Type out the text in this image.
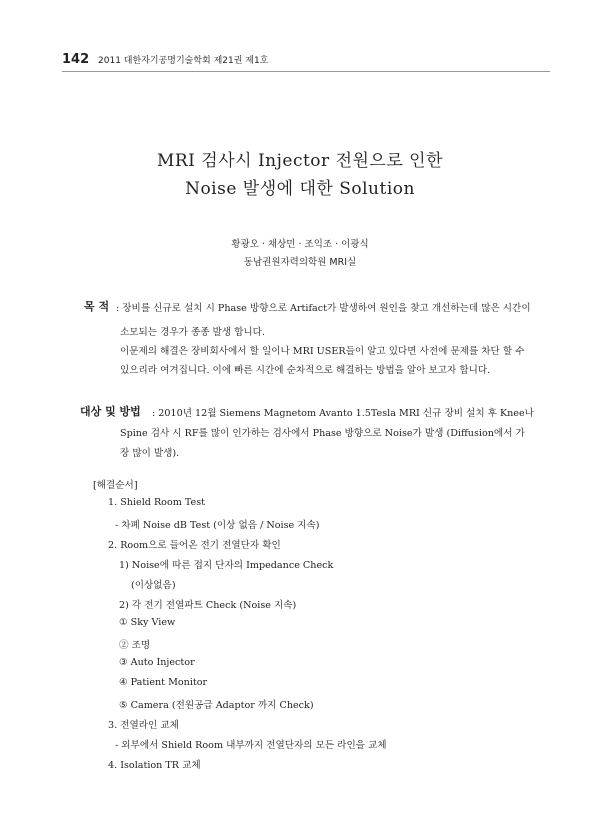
142 2011 대한자기공명기술학회 제21권 제1호
MRI 검사시 Injector 전원으로 인한
Noise 발생에 대한 Solution
황광오 · 채상민 · 조익조 · 이광식
동남권원자력의학원 MRI실
목 적 : 장비를 신규로 설치 시 Phase 방향으로 Artifact가 발생하여 원인을 찾고 개선하는데 많은 시간이
소모되는 경우가 종종 발생 합니다.
이문제의 해결은 장비회사에서 할 일이나 MRI USER들이 알고 있다면 사전에 문제를 차단 할 수
있으리라 여겨집니다. 이에 빠른 시간에 순차적으로 해결하는 방법을 알아 보고자 합니다.
대상 및 방법 : 2010년 12월 Siemens Magnetom Avanto 1.5Tesla MRI 신규 장비 설치 후 Knee나
Spine 검사 시 RF를 많이 인가하는 검사에서 Phase 방향으로 Noise가 발생 (Diffusion에서 가
장 많이 발생).
[해결순서]
1. Shield Room Test
- 차폐 Noise dB Test (이상 없음 / Noise 지속)
2. Room으로 들어온 전기 전열단자 확인
1) Noise에 따른 접지 단자의 Impedance Check
(이상없음)
2) 각 전기 전열파트 Check (Noise 지속)
① Sky View
② 조명
③ Auto Injector
④ Patient Monitor
⑤ Camera (전원공급 Adaptor 까지 Check)
3. 전열라인 교체
- 외부에서 Shield Room 내부까지 전열단자의 모든 라인을 교체
4. Isolation TR 교체
